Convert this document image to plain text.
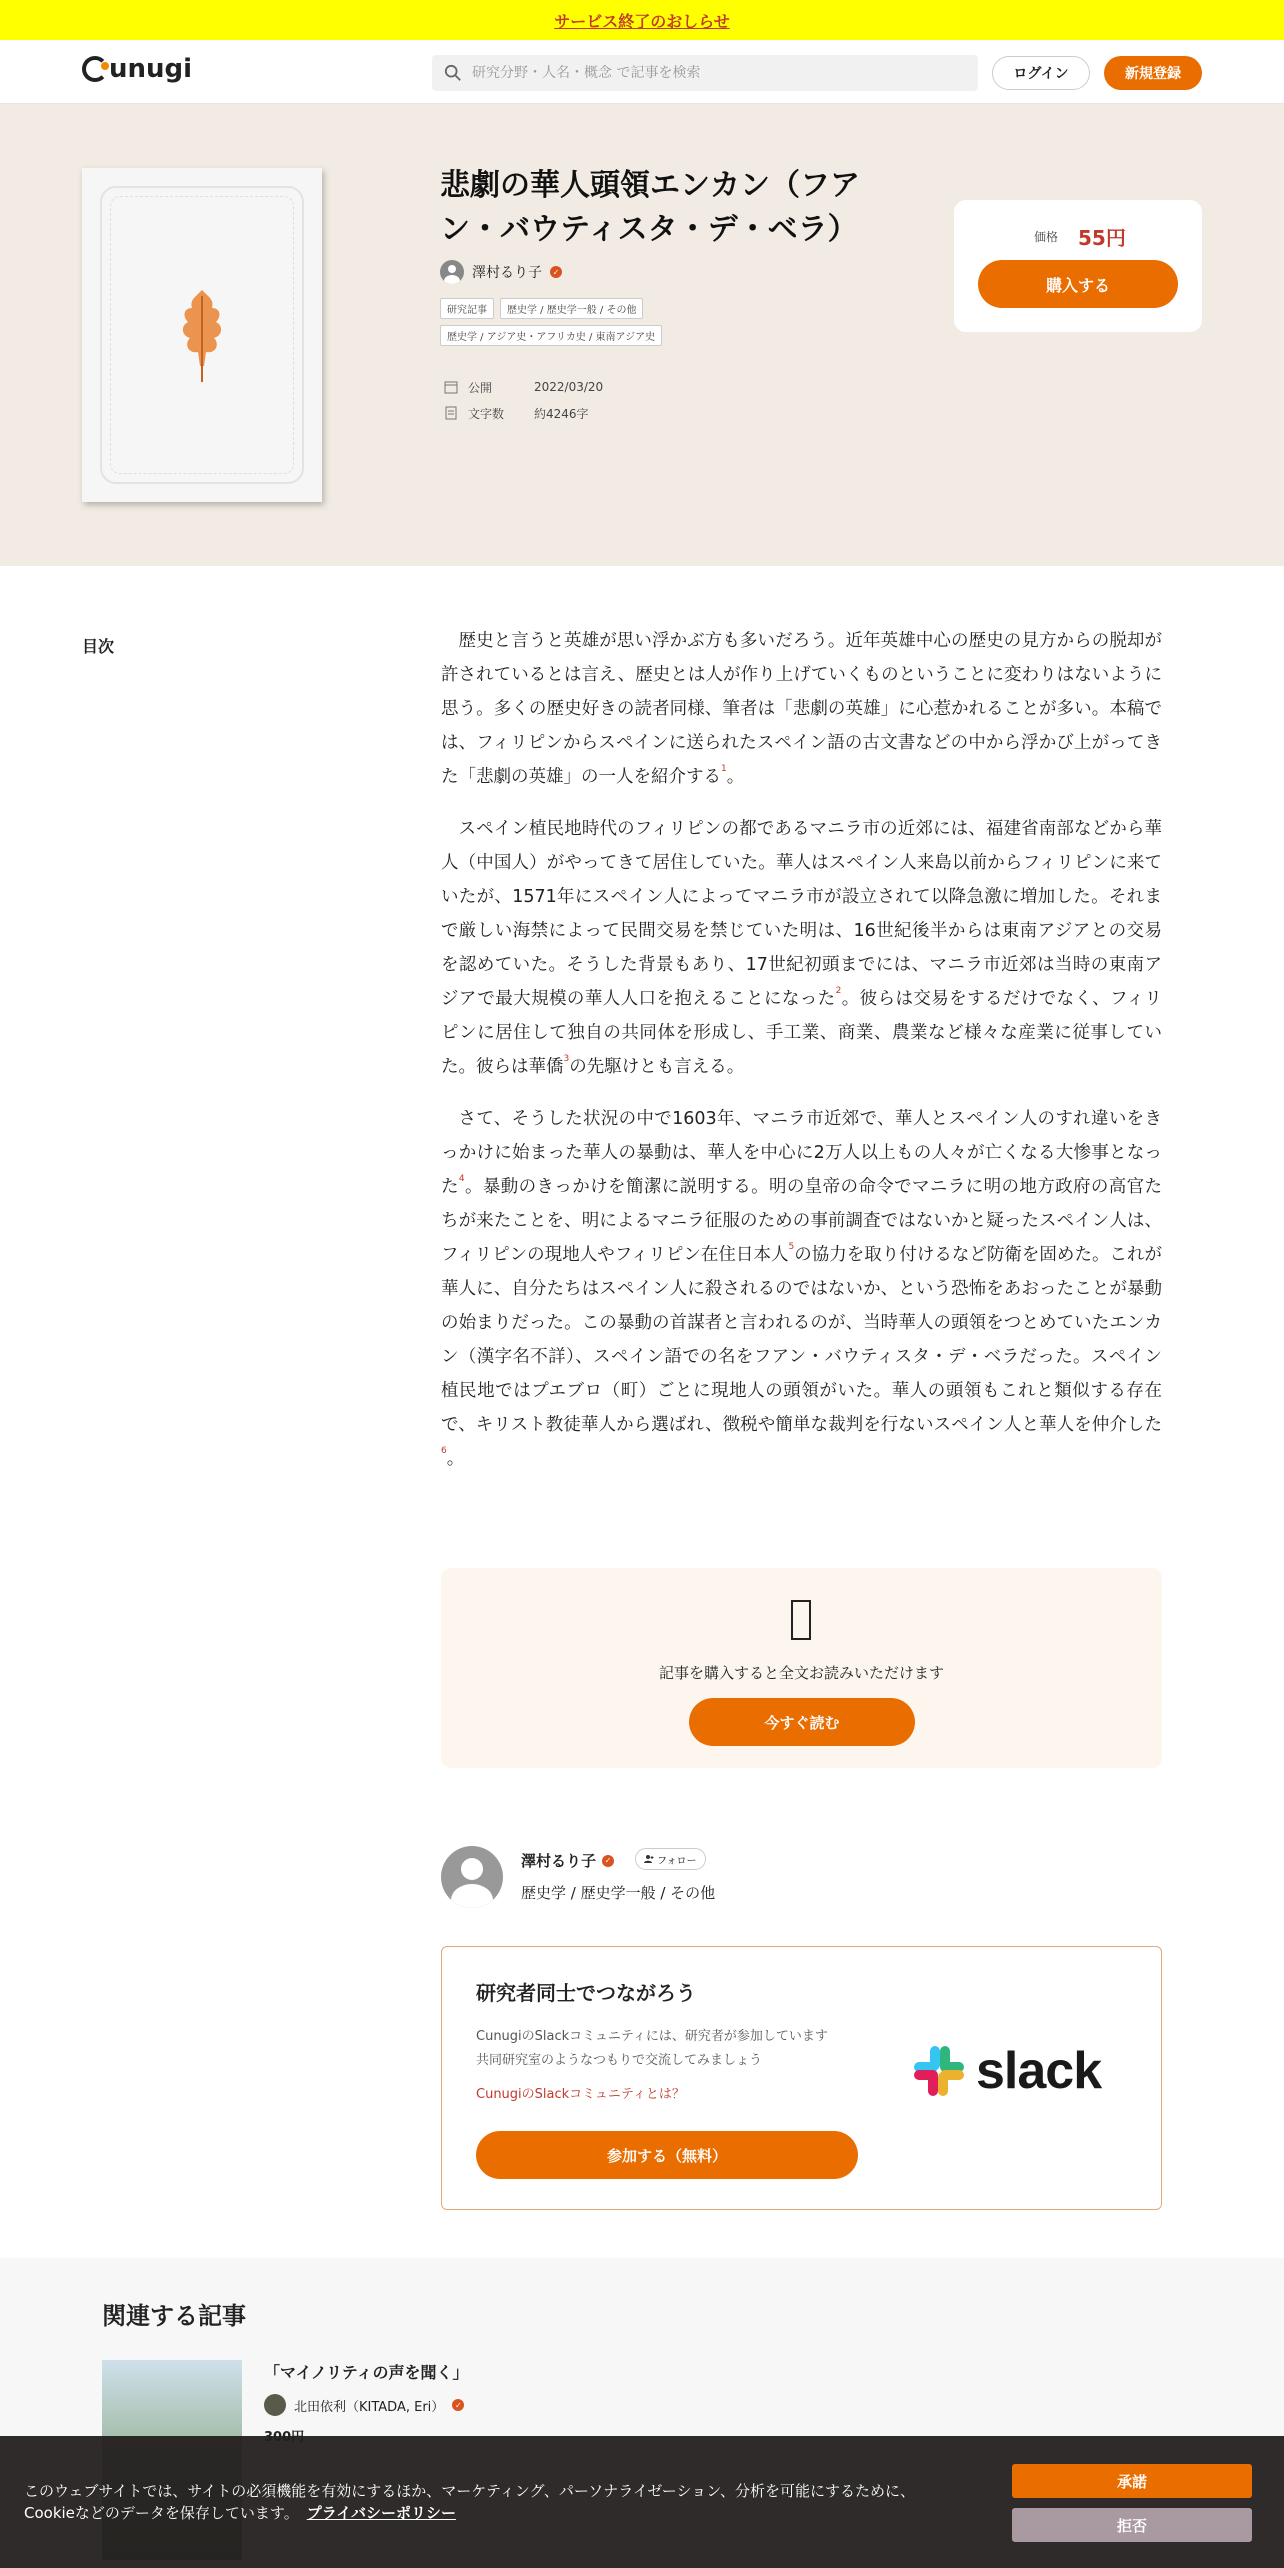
サービス終了のおしらせ
unugi
研究分野・人名・概念 で記事を検索	ログイン	新規登録
悲劇の華人頭領エンカン（フアン・バウティスタ・デ・ベラ）
澤村るり子	✓
研究記事	歴史学 / 歴史学一般 / その他
歴史学 / アジア史・アフリカ史 / 東南アジア史
公開	2022/03/20
文字数	約4246字
価格 55円
購入する
目次	歴史と言うと英雄が思い浮かぶ方も多いだろう。近年英雄中心の歴史の見方からの脱却が許されているとは言え、歴史とは人が作り上げていくものということに変わりはないように思う。多くの歴史好きの読者同様、筆者は「悲劇の英雄」に心惹かれることが多い。本稿では、フィリピンからスペインに送られたスペイン語の古文書などの中から浮かび上がってきた「悲劇の英雄」の一人を紹介する$^1$。

スペイン植民地時代のフィリピンの都であるマニラ市の近郊には、福建省南部などから華人（中国人）がやってきて居住していた。華人はスペイン人来島以前からフィリピンに来ていたが、1571年にスペイン人によってマニラ市が設立されて以降急激に増加した。それまで厳しい海禁によって民間交易を禁じていた明は、16世紀後半からは東南アジアとの交易を認めていた。そうした背景もあり、17世紀初頭までには、マニラ市近郊は当時の東南アジアで最大規模の華人人口を抱えることになった$^2$。彼らは交易をするだけでなく、フィリピンに居住して独自の共同体を形成し、手工業、商業、農業など様々な産業に従事していた。彼らは華僑$^3$の先駆けとも言える。

さて、そうした状況の中で1603年、マニラ市近郊で、華人とスペイン人のすれ違いをきっかけに始まった華人の暴動は、華人を中心に2万人以上もの人々が亡くなる大惨事となった$^4$。暴動のきっかけを簡潔に説明する。明の皇帝の命令でマニラに明の地方政府の高官たちが来たことを、明によるマニラ征服のための事前調査ではないかと疑ったスペイン人は、フィリピンの現地人やフィリピン在住日本人$^5$の協力を取り付けるなど防衛を固めた。これが華人に、自分たちはスペイン人に殺されるのではないか、という恐怖をあおったことが暴動の始まりだった。この暴動の首謀者と言われるのが、当時華人の頭領をつとめていたエンカン（漢字名不詳）、スペイン語での名をフアン・バウティスタ・デ・ベラだった。スペイン植民地ではプエブロ（町）ごとに現地人の頭領がいた。華人の頭領もこれと類似する存在で、キリスト教徒華人から選ばれ、徴税や簡単な裁判を行ないスペイン人と華人を仲介した$^6$。

記事を購入すると全文お読みいただけます
今すぐ読む
澤村るり子	✓	フォロー
歴史学 / 歴史学一般 / その他
研究者同士でつながろう
CunugiのSlackコミュニティには、研究者が参加しています
共同研究室のようなつもりで交流してみましょう
CunugiのSlackコミュニティとは？
参加する（無料）
slack
関連する記事
「マイノリティの声を聞く」
北田依利（KITADA, Eri）	✓
このウェブサイトでは、サイトの必須機能を有効にするほか、マーケティング、パーソナライゼーション、分析を可能にするために、
Cookieなどのデータを保存しています。 プライバシーポリシー
承諾
拒否
